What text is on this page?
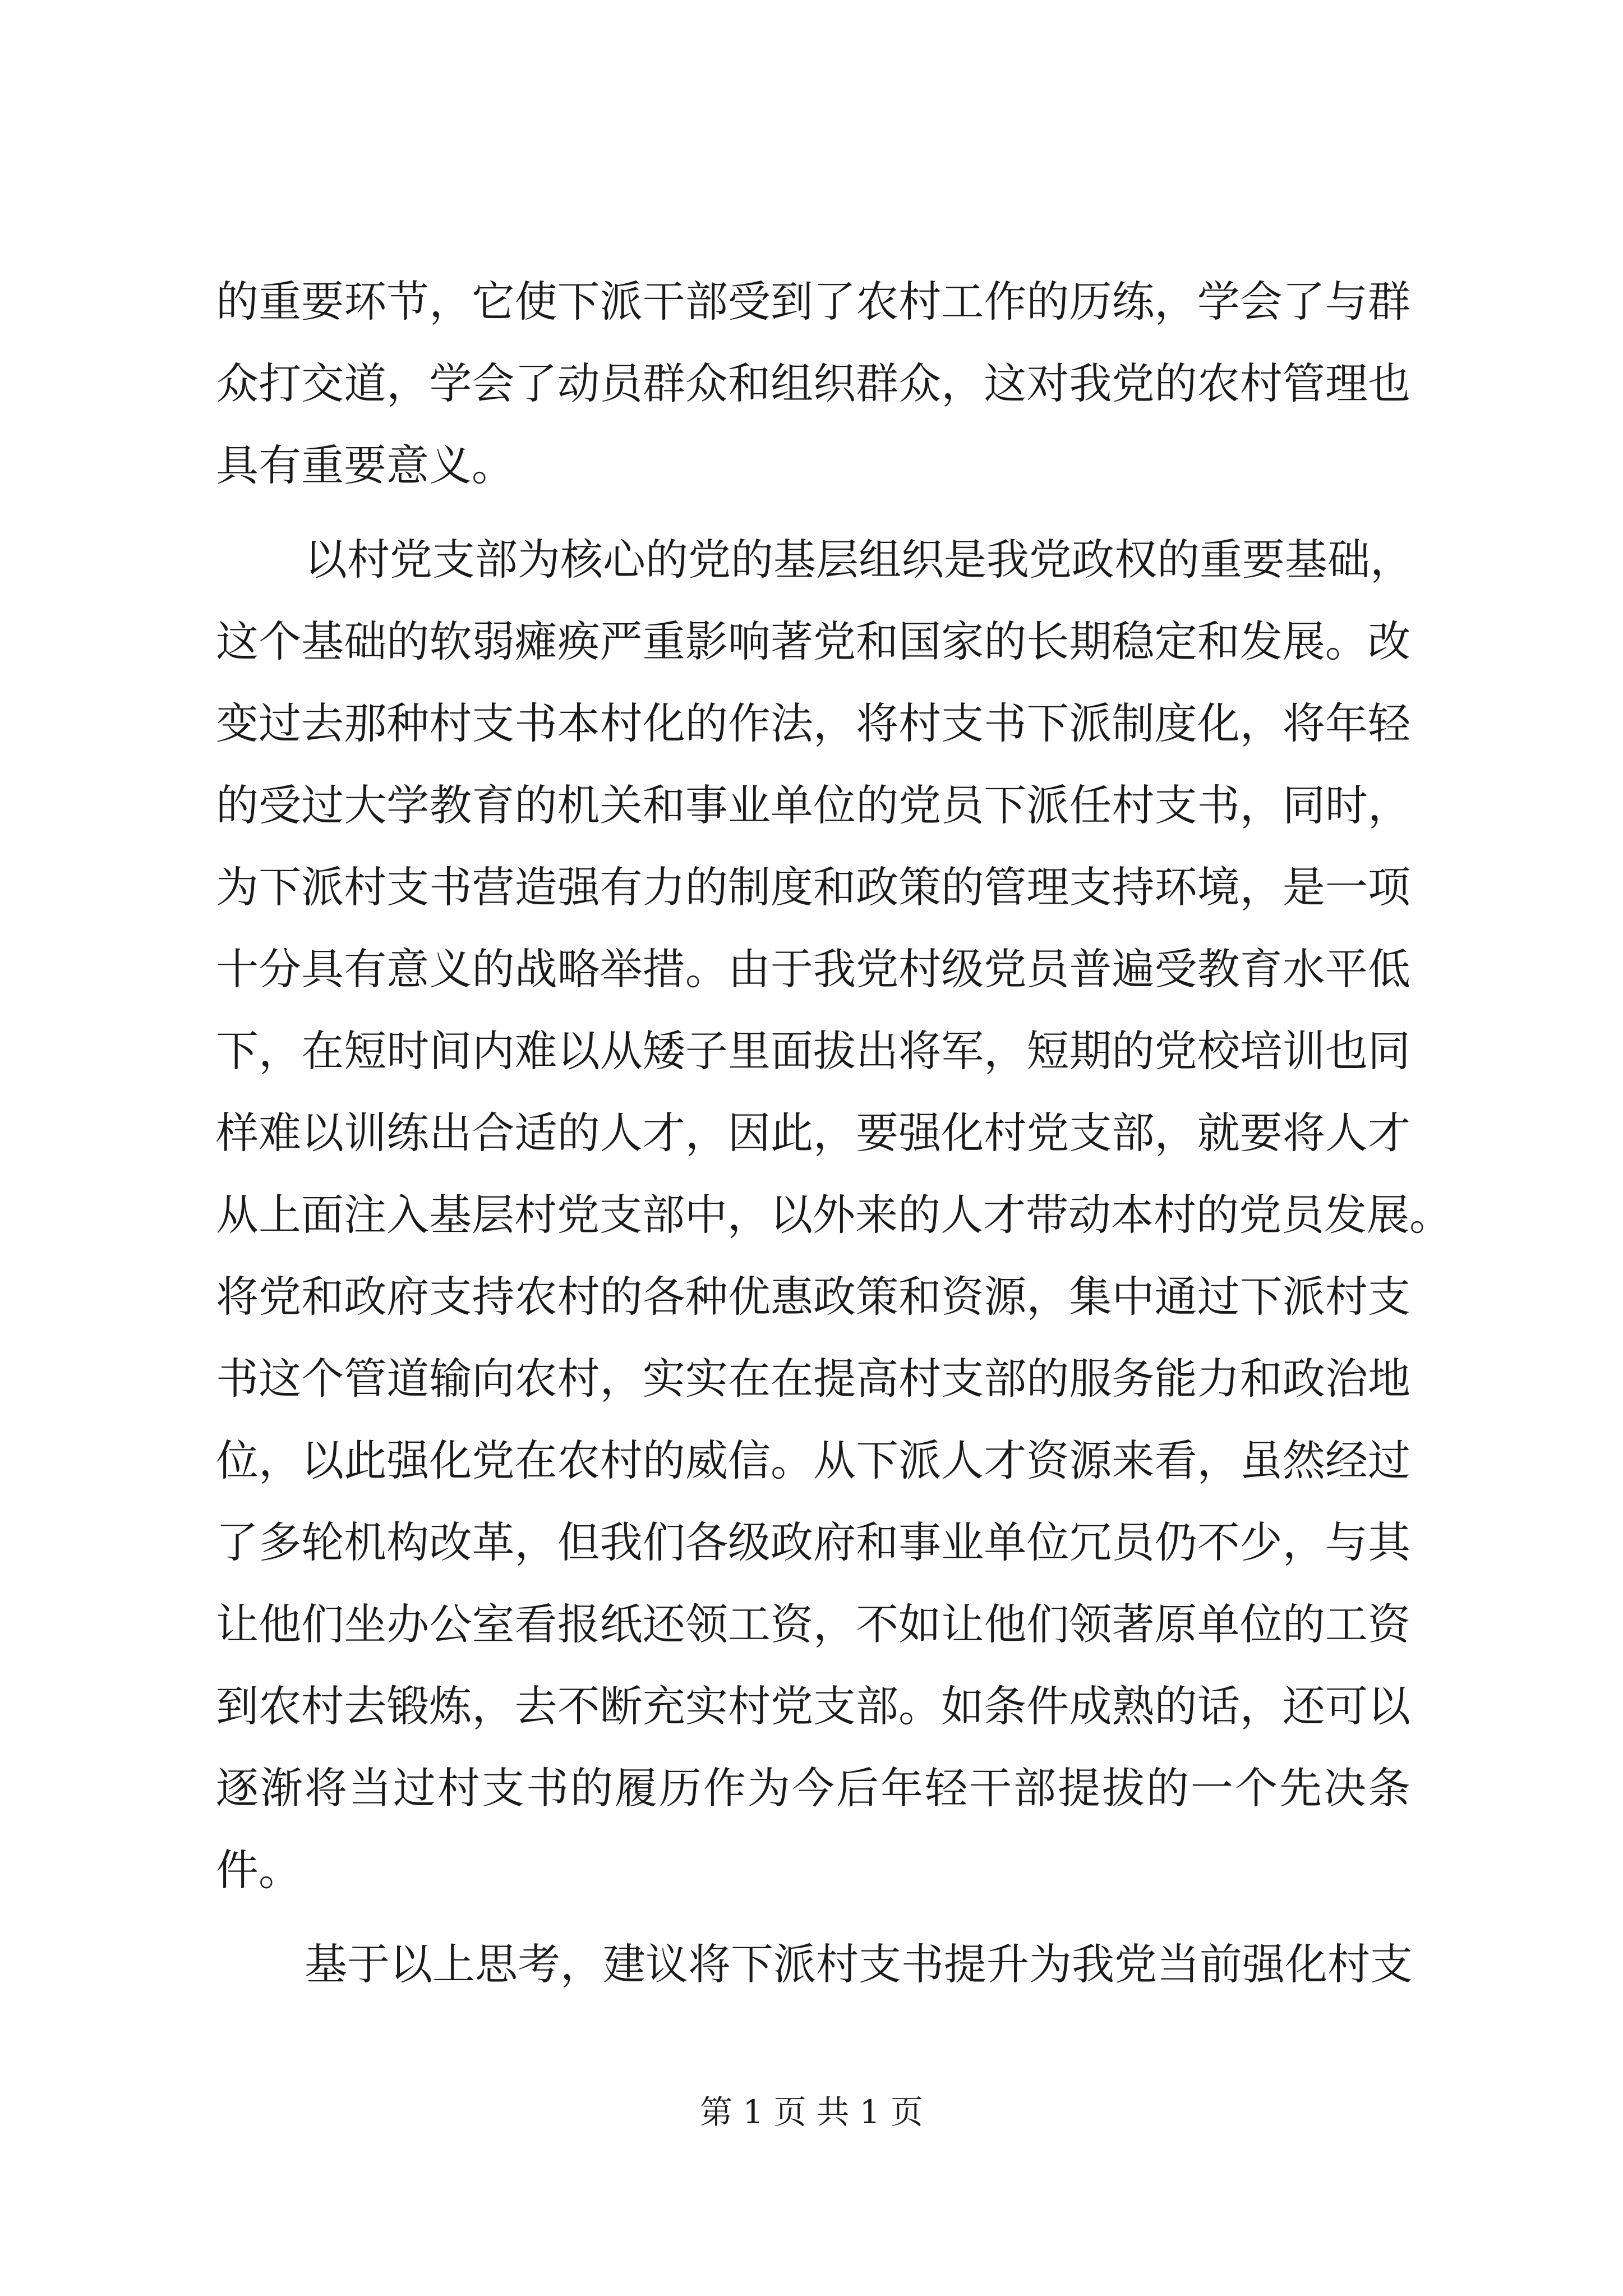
的重要环节，它使下派干部受到了农村工作的历练，学会了与群
众打交道，学会了动员群众和组织群众，这对我党的农村管理也
具有重要意义。
以村党支部为核心的党的基层组织是我党政权的重要基础，
这个基础的软弱瘫痪严重影响著党和国家的长期稳定和发展。改
变过去那种村支书本村化的作法，将村支书下派制度化，将年轻
的受过大学教育的机关和事业单位的党员下派任村支书，同时，
为下派村支书营造强有力的制度和政策的管理支持环境，是一项
十分具有意义的战略举措。由于我党村级党员普遍受教育水平低
下，在短时间内难以从矮子里面拔出将军，短期的党校培训也同
样难以训练出合适的人才，因此，要强化村党支部，就要将人才
从上面注入基层村党支部中，以外来的人才带动本村的党员发展。
将党和政府支持农村的各种优惠政策和资源，集中通过下派村支
书这个管道输向农村，实实在在提高村支部的服务能力和政治地
位，以此强化党在农村的威信。从下派人才资源来看，虽然经过
了多轮机构改革，但我们各级政府和事业单位冗员仍不少，与其
让他们坐办公室看报纸还领工资，不如让他们领著原单位的工资
到农村去锻炼，去不断充实村党支部。如条件成熟的话，还可以
逐渐将当过村支书的履历作为今后年轻干部提拔的一个先决条
件。
基于以上思考，建议将下派村支书提升为我党当前强化村支
第 1 页 共 1 页
